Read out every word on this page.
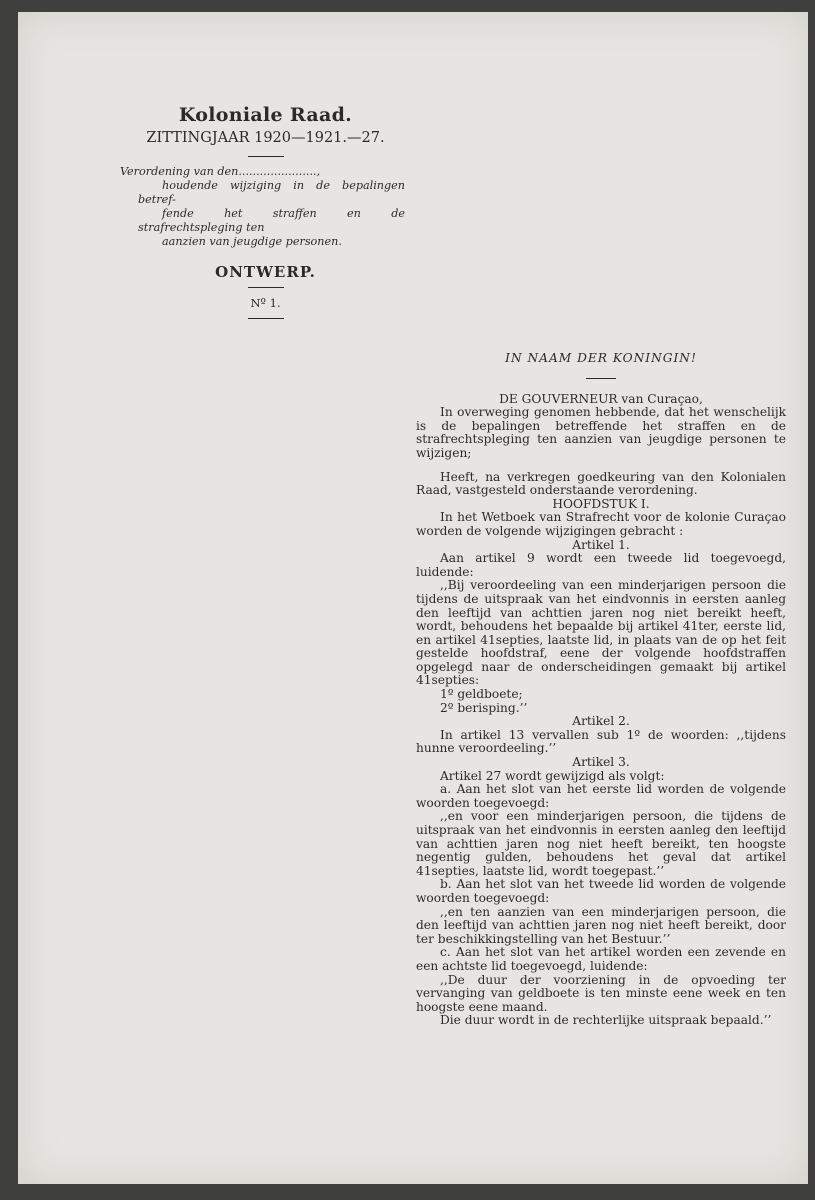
Koloniale Raad.
ZITTINGJAAR 1920—1921.—27.
Verordening van den......................,
houdende wijziging in de bepalingen betref-
fende het straffen en de strafrechtspleging ten
aanzien van jeugdige personen.
ONTWERP.
Nº 1.

IN NAAM DER KONINGIN!

DE GOUVERNEUR van Curaçao,

In overweging genomen hebbende, dat het wenschelijk is de bepalingen betreffende het straffen en de strafrechtspleging ten aanzien van jeugdige personen te wijzigen;

Heeft, na verkregen goedkeuring van den Kolonialen Raad, vastgesteld onderstaande verordening.

HOOFDSTUK I.

In het Wetboek van Strafrecht voor de kolonie Curaçao worden de volgende wijzigingen gebracht :

Artikel 1.

Aan artikel 9 wordt een tweede lid toegevoegd, luidende:

,,Bij veroordeeling van een minderjarigen persoon die tijdens de uitspraak van het eindvonnis in eersten aanleg den leeftijd van achttien jaren nog niet bereikt heeft, wordt, behoudens het bepaalde bij artikel 41ter, eerste lid, en artikel 41septies, laatste lid, in plaats van de op het feit gestelde hoofdstraf, eene der volgende hoofdstraffen opgelegd naar de onderscheidingen gemaakt bij artikel 41septies:

1º geldboete;

2º berisping.’’

Artikel 2.

In artikel 13 vervallen sub 1º de woorden: ,,tijdens hunne veroordeeling.’’

Artikel 3.

Artikel 27 wordt gewijzigd als volgt:

a. Aan het slot van het eerste lid worden de volgende woorden toegevoegd:

,,en voor een minderjarigen persoon, die tijdens de uitspraak van het eindvonnis in eersten aanleg den leeftijd van achttien jaren nog niet heeft bereikt, ten hoogste negentig gulden, behoudens het geval dat artikel 41septies, laatste lid, wordt toegepast.’’

b. Aan het slot van het tweede lid worden de volgende woorden toegevoegd:

,,en ten aanzien van een minderjarigen persoon, die den leeftijd van achttien jaren nog niet heeft bereikt, door ter beschikkingstelling van het Bestuur.’’

c. Aan het slot van het artikel worden een zevende en een achtste lid toegevoegd, luidende:

,,De duur der voorziening in de opvoeding ter vervanging van geldboete is ten minste eene week en ten hoogste eene maand.

Die duur wordt in de rechterlijke uitspraak bepaald.’’
